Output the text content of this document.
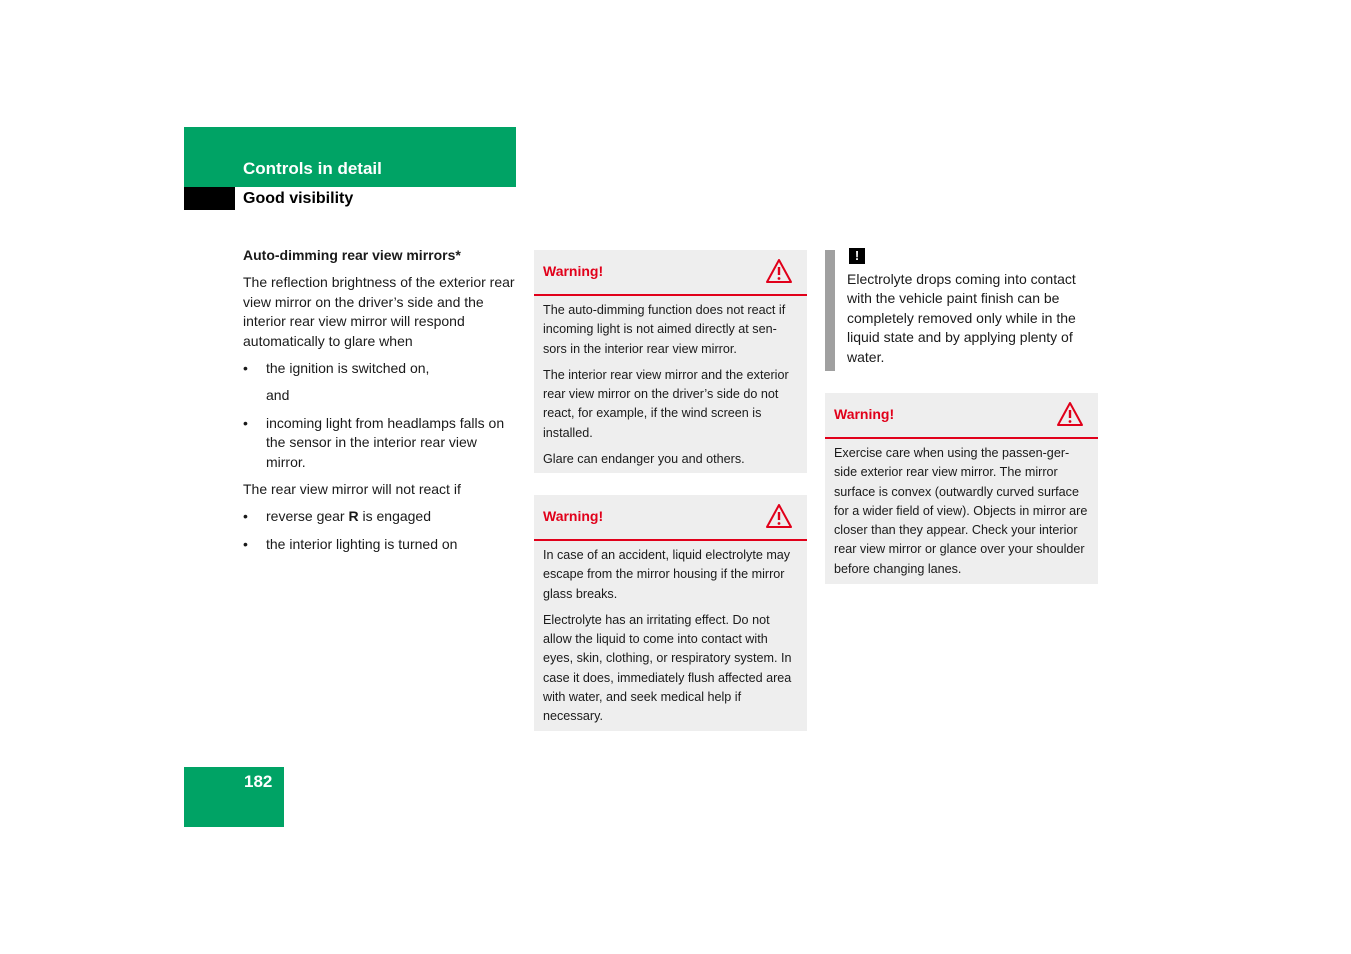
Controls in detail
Good visibility
Auto-dimming rear view mirrors*

The reflection brightness of the exterior rear view mirror on the driver’s side and the interior rear view mirror will respond automatically to glare when

• the ignition is switched on,

and

• incoming light from headlamps falls on the sensor in the interior rear view mirror.

The rear view mirror will not react if

• reverse gear R is engaged
• the interior lighting is turned on
Warning!

The auto-dimming function does not react if incoming light is not aimed directly at sen-sors in the interior rear view mirror.

The interior rear view mirror and the exterior rear view mirror on the driver’s side do not react, for example, if the wind screen is installed.

Glare can endanger you and others.

Warning!

In case of an accident, liquid electrolyte may escape from the mirror housing if the mirror glass breaks.

Electrolyte has an irritating effect. Do not allow the liquid to come into contact with eyes, skin, clothing, or respiratory system. In case it does, immediately flush affected area with water, and seek medical help if necessary.

!
Electrolyte drops coming into contact with the vehicle paint finish can be completely removed only while in the liquid state and by applying plenty of water.
Warning!

Exercise care when using the passen-ger-side exterior rear view mirror. The mirror surface is convex (outwardly curved surface for a wider field of view). Objects in mirror are closer than they appear. Check your interior rear view mirror or glance over your shoulder before changing lanes.

182
